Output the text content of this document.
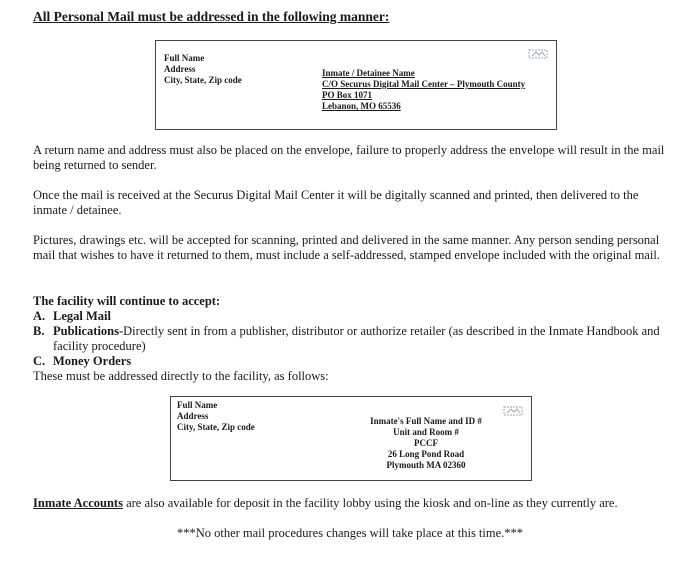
All Personal Mail must be addressed in the following manner:
Full Name
Address
City, State, Zip code
Inmate / Detainee Name
C/O Securus Digital Mail Center – Plymouth County
PO Box 1071
Lebanon, MO 65536
A return name and address must also be placed on the envelope, failure to properly address the envelope will result in the mail being returned to sender.
Once the mail is received at the Securus Digital Mail Center it will be digitally scanned and printed, then delivered to the inmate / detainee.
Pictures, drawings etc. will be accepted for scanning, printed and delivered in the same manner. Any person sending personal mail that wishes to have it returned to them, must include a self-addressed, stamped envelope included with the original mail.
The facility will continue to accept:
A. Legal Mail
B. Publications-Directly sent in from a publisher, distributor or authorize retailer (as described in the Inmate Handbook and facility procedure)
C. Money Orders
These must be addressed directly to the facility, as follows:
Full Name
Address
City, State, Zip code
Inmate's Full Name and ID #
Unit and Room #
PCCF
26 Long Pond Road
Plymouth MA 02360
Inmate Accounts are also available for deposit in the facility lobby using the kiosk and on-line as they currently are.
***No other mail procedures changes will take place at this time.***
